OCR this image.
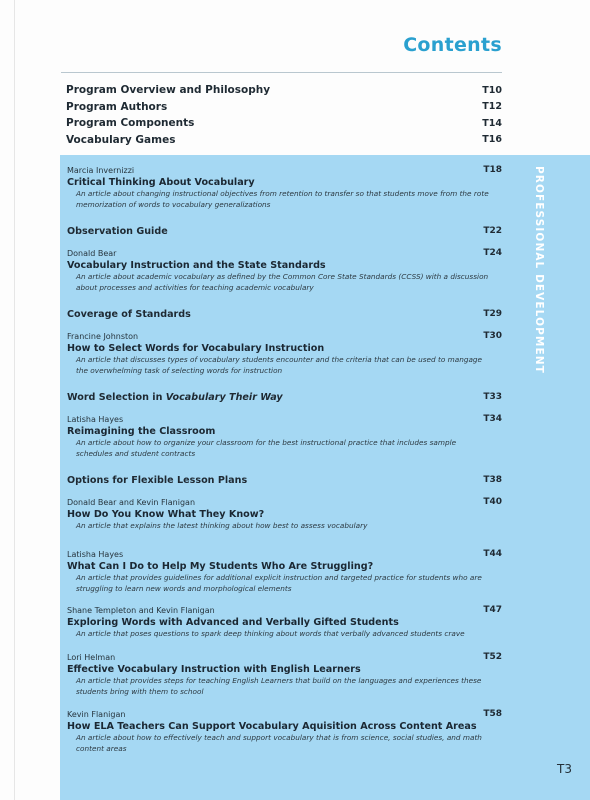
Contents
Program Overview and Philosophy	T10
Program Authors	T12
Program Components	T14
Vocabulary Games	T16
PROFESSIONAL DEVELOPMENT
Marcia Invernizzi	T18
Critical Thinking About Vocabulary
An article about changing instructional objectives from retention to transfer so that students move from the rote memorization of words to vocabulary generalizations
Observation Guide	T22
Donald Bear	T24
Vocabulary Instruction and the State Standards
An article about academic vocabulary as defined by the Common Core State Standards (CCSS) with a discussion about processes and activities for teaching academic vocabulary
Coverage of Standards	T29
Francine Johnston	T30
How to Select Words for Vocabulary Instruction
An article that discusses types of vocabulary students encounter and the criteria that can be used to mangage the overwhelming task of selecting words for instruction
Word Selection in Vocabulary Their Way	T33
Latisha Hayes	T34
Reimagining the Classroom
An article about how to organize your classroom for the best instructional practice that includes sample schedules and student contracts
Options for Flexible Lesson Plans	T38
Donald Bear and Kevin Flanigan	T40
How Do You Know What They Know?
An article that explains the latest thinking about how best to assess vocabulary
Latisha Hayes	T44
What Can I Do to Help My Students Who Are Struggling?
An article that provides guidelines for additional explicit instruction and targeted practice for students who are struggling to learn new words and morphological elements
Shane Templeton and Kevin Flanigan	T47
Exploring Words with Advanced and Verbally Gifted Students
An article that poses questions to spark deep thinking about words that verbally advanced students crave
Lori Helman	T52
Effective Vocabulary Instruction with English Learners
An article that provides steps for teaching English Learners that build on the languages and experiences these students bring with them to school
Kevin Flanigan	T58
How ELA Teachers Can Support Vocabulary Aquisition Across Content Areas
An article about how to effectively teach and support vocabulary that is from science, social studies, and math content areas
T3
